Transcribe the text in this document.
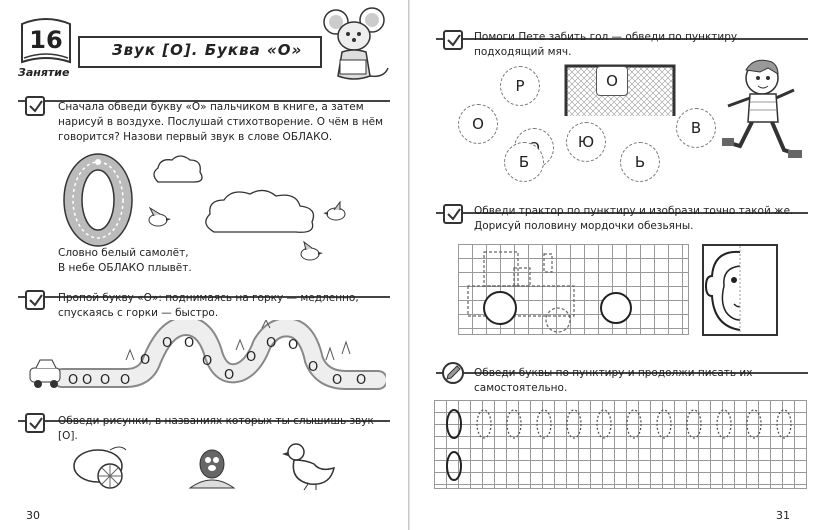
16
Занятие
Звук [О]. Буква «О»
Сначала обведи букву «О» пальчиком в книге, а затем нарисуй в воздухе. Послушай стихотворение. О чём в нём говорится? Назови первый звук в слове ОБЛАКО.
Словно белый самолёт,
В небе ОБЛАКО плывёт.
Пропой букву «О»: поднимаясь на горку — медленно, спускаясь с горки — быстро.
О О О О
О
О О
О
О
О
О О
О
О О
Обведи рисунки, в названиях которых ты слышишь звук [О].
30
Помоги Пете забить гол — обведи по пунктиру подходящий мяч.
О
Р
О
Ю
Б	Ь
В
Обведи трактор по пунктиру и изобрази точно такой же. Дорисуй половину мордочки обезьяны.
Обведи буквы по пунктиру и продолжи писать их самостоятельно.
31
